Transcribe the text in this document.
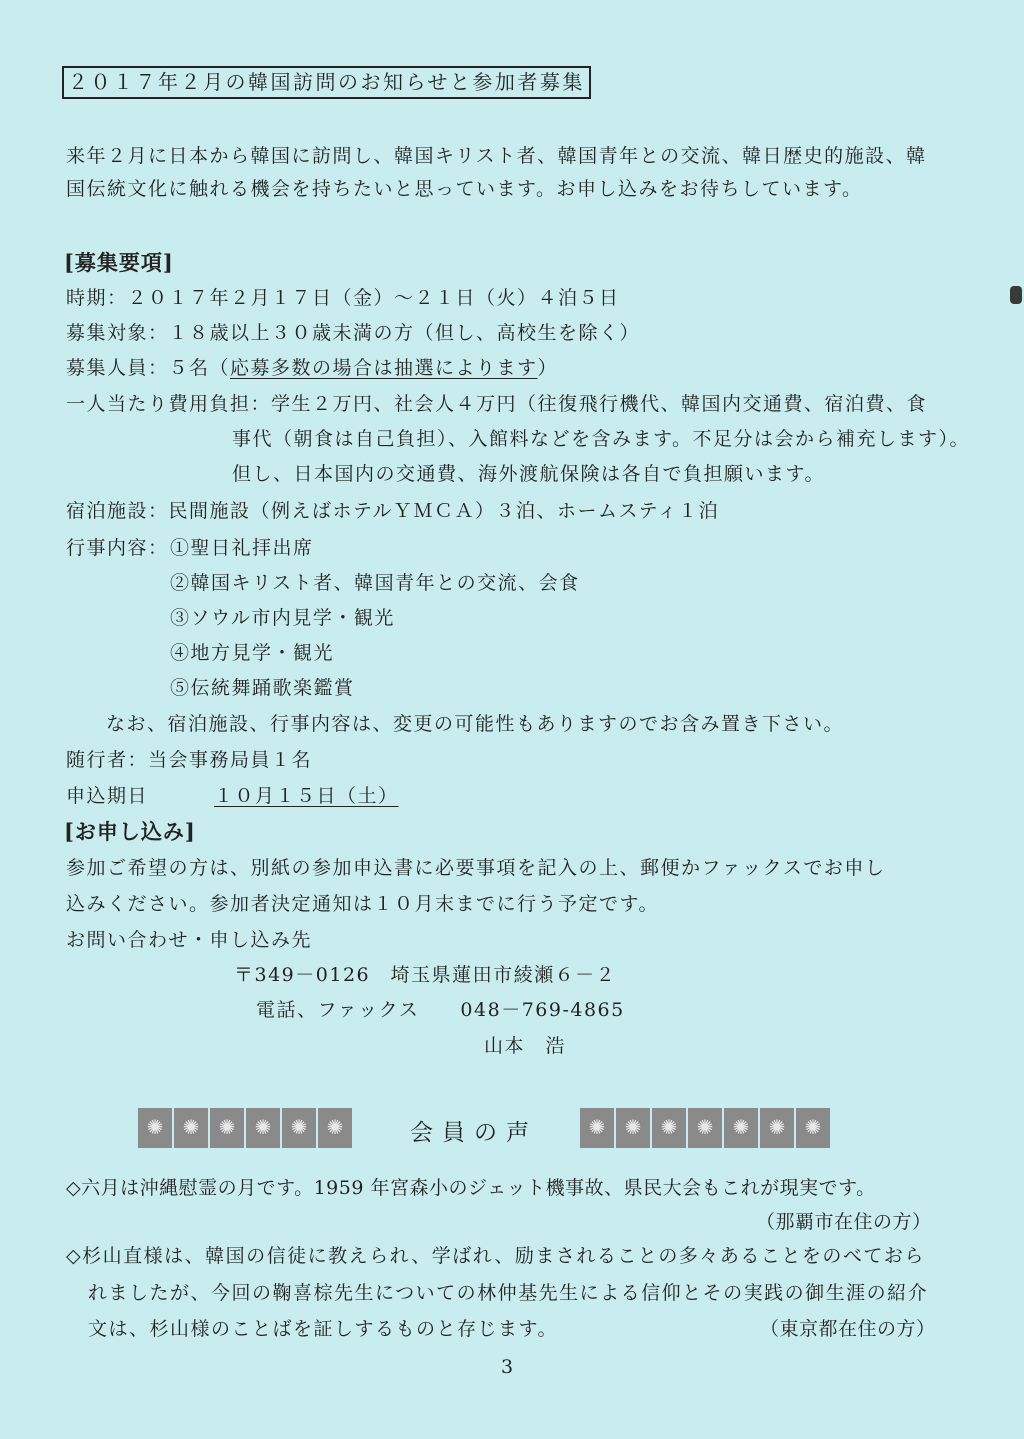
２０１７年２月の韓国訪問のお知らせと参加者募集
来年２月に日本から韓国に訪問し、韓国キリスト者、韓国青年との交流、韓日歴史的施設、韓
国伝統文化に触れる機会を持ちたいと思っています。お申し込みをお待ちしています。
[募集要項]
時期：２０１７年２月１７日（金）～２１日（火）４泊５日
募集対象：１８歳以上３０歳未満の方（但し、高校生を除く）
募集人員：５名（応募多数の場合は抽選によります）
一人当たり費用負担：学生２万円、社会人４万円（往復飛行機代、韓国内交通費、宿泊費、食
事代（朝食は自己負担）、入館料などを含みます。不足分は会から補充します）。
但し、日本国内の交通費、海外渡航保険は各自で負担願います。
宿泊施設：民間施設（例えばホテルＹＭＣＡ）３泊、ホームスティ１泊
行事内容： ①聖日礼拝出席
②韓国キリスト者、韓国青年との交流、会食
③ソウル市内見学・観光
④地方見学・観光
⑤伝統舞踊歌楽鑑賞
なお、宿泊施設、行事内容は、変更の可能性もありますのでお含み置き下さい。
随行者：当会事務局員１名
申込期日	１０月１５日（土）
[お申し込み]
参加ご希望の方は、別紙の参加申込書に必要事項を記入の上、郵便かファックスでお申し
込みください。参加者決定通知は１０月末までに行う予定です。
お問い合わせ・申し込み先
〒349－0126　埼玉県蓮田市綾瀬６－２
電話、ファックス　　048－769-4865
山本　浩
✺
✺
✺
✺
✺
✺
会員の声
✺
✺
✺
✺
✺
✺
✺
◇六月は沖縄慰霊の月です。1959 年宮森小のジェット機事故、県民大会もこれが現実です。
（那覇市在住の方）
◇杉山直様は、韓国の信徒に教えられ、学ばれ、励まされることの多々あることをのべておら
れましたが、今回の鞠喜棕先生についての林仲基先生による信仰とその実践の御生涯の紹介
文は、杉山様のことばを証しするものと存じます。	（東京都在住の方）
3
